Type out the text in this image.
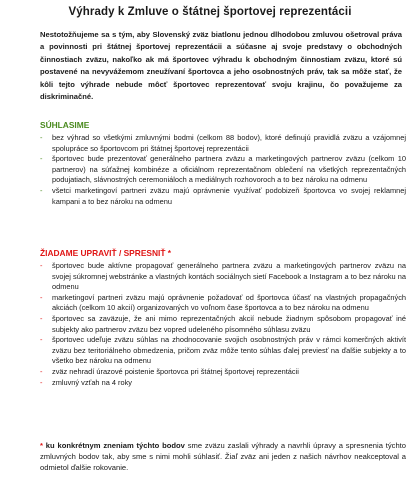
Výhrady k Zmluve o štátnej športovej reprezentácii
Nestotožňujeme sa s tým, aby Slovenský zväz biatlonu jednou dlhodobou zmluvou ošetroval práva a povinnosti pri štátnej športovej reprezentácii a súčasne aj svoje predstavy o obchodných činnostiach zväzu, nakoľko ak má športovec výhradu k obchodným činnostiam zväzu, ktoré sú postavené na nevyvážemom zneužívaní športovca a jeho osobnostných práv, tak sa môže stať, že kôli tejto výhrade nebude môcť športovec reprezentovať svoju krajinu, čo považujeme za diskriminačné.
SÚHLASIME
-	bez výhrad so všetkými zmluvnými bodmi (celkom 88 bodov), ktoré definujú pravidlá zväzu a vzájomnej spolupráce so športovcom pri štátnej športovej reprezentácii
-	športovec bude prezentovať generálneho partnera zväzu a marketingových partnerov zväzu (celkom 10 partnerov) na súťažnej kombinéze a oficiálnom reprezentačnom oblečení na všetkých reprezentačných podujatiach, slávnostných ceremoniáloch a mediálnych rozhovoroch a to bez nároku na odmenu
-	všetci marketingoví partneri zväzu majú oprávnenie využívať podobizeň športovca vo svojej reklamnej kampani a to bez nároku na odmenu
ŽIADAME UPRAVIŤ / SPRESNIŤ *
-	športovec bude aktívne propagovať generálneho partnera zväzu a marketingových partnerov zväzu na svojej súkromnej webstránke a vlastných kontách sociálnych sietí Facebook a Instagram a to bez nároku na odmenu
-	marketingoví partneri zväzu majú oprávnenie požadovať od športovca účasť na vlastných propagačných akciách (celkom 10 akcií) organizovaných vo voľnom čase športovca a to bez nároku na odmenu
-	športovec sa zaväzuje, že ani mimo reprezentačných akcií nebude žiadnym spôsobom propagovať iné subjekty ako partnerov zväzu bez vopred udeleného písomného súhlasu zväzu
-	športovec udeľuje zväzu súhlas na zhodnocovanie svojich osobnostných práv v rámci komerčných aktivít zväzu bez teritoriálneho obmedzenia, pričom zväz môže tento súhlas ďalej previesť na ďalšie subjekty a to všetko bez nároku na odmenu
-	zväz nehradí úrazové poistenie športovca pri štátnej športovej reprezentácii
-	zmluvný vzťah na 4 roky
* ku konkrétnym zneniam týchto bodov sme zväzu zaslali výhrady a navrhli úpravy a spresnenia týchto zmluvných bodov tak, aby sme s nimi mohli súhlasiť. Žiaľ zväz ani jeden z našich návrhov neakceptoval a odmietol ďalšie rokovanie.
